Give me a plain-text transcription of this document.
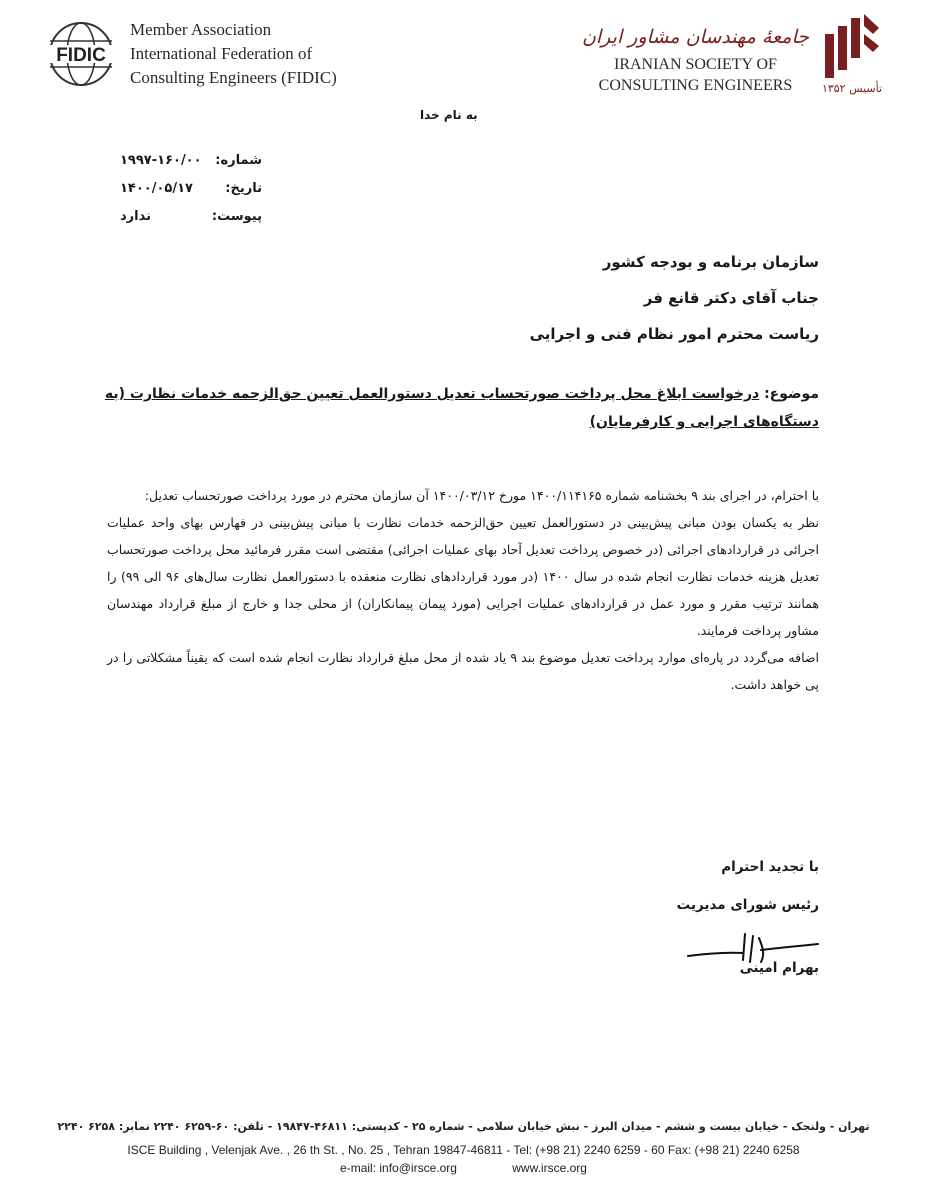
FIDIC
Member Association
International Federation of
Consulting Engineers (FIDIC)
جامعهٔ مهندسان مشاور ایران
IRANIAN SOCIETY OF
CONSULTING ENGINEERS	تأسیس ۱۳۵۲
به نام خدا
شماره:
۱۹۹۷-۱۶۰/۰۰
تاریخ:
۱۴۰۰/۰۵/۱۷
پیوست:
ندارد
سازمان برنامه و بودجه کشور
جناب آقای دکتر قانع فر
ریاست محترم امور نظام فنی و اجرایی
موضوع: درخواست ابلاغ محل پرداخت صورتحساب تعدیل دستورالعمل تعیین حق‌الزحمه خدمات نظارت (به دستگاه‌های اجرایی و کارفرمایان)

با احترام، در اجرای بند ۹ بخشنامه شماره ۱۴۰۰/۱۱۴۱۶۵ مورخ ۱۴۰۰/۰۳/۱۲ آن سازمان محترم در مورد پرداخت صورتحساب تعدیل:

نظر به یکسان بودن مبانی پیش‌بینی در دستورالعمل تعیین حق‌الزحمه خدمات نظارت با مبانی پیش‌بینی در فهارس بهای واحد عملیات اجرائی در قراردادهای اجرائی (در خصوص پرداخت تعدیل آحاد بهای عملیات اجرائی) مقتضی است مقرر فرمائید محل پرداخت صورتحساب تعدیل هزینه خدمات نظارت انجام شده در سال ۱۴۰۰ (در مورد قراردادهای نظارت منعقده با دستورالعمل نظارت سال‌های ۹۶ الی ۹۹) را همانند ترتیب مقرر و مورد عمل در قراردادهای عملیات اجرایی (مورد پیمان پیمانکاران) از محلی جدا و خارج از مبلغ قرارداد مهندسان مشاور پرداخت فرمایند.

اضافه می‌گردد در پاره‌ای موارد پرداخت تعدیل موضوع بند ۹ یاد شده از محل مبلغ قرارداد نظارت انجام شده است که یقیناً مشکلاتی را در پی خواهد داشت.

با تجدید احترام
رئیس شورای مدیریت
بهرام امینی
تهران - ولنجک - خیابان بیست و ششم - میدان البرز - نبش خیابان سلامی - شماره ۲۵ - کدپستی: ۴۶۸۱۱-۱۹۸۴۷ - تلفن: ۶۰-۶۲۵۹ ۲۲۴۰ نمابر: ۶۲۵۸ ۲۲۴۰
ISCE Building , Velenjak Ave. , 26 th St. , No. 25 , Tehran 19847-46811 - Tel: (+98 21) 2240 6259 - 60 Fax: (+98 21) 2240 6258
e-mail: info@irsce.org	www.irsce.org
